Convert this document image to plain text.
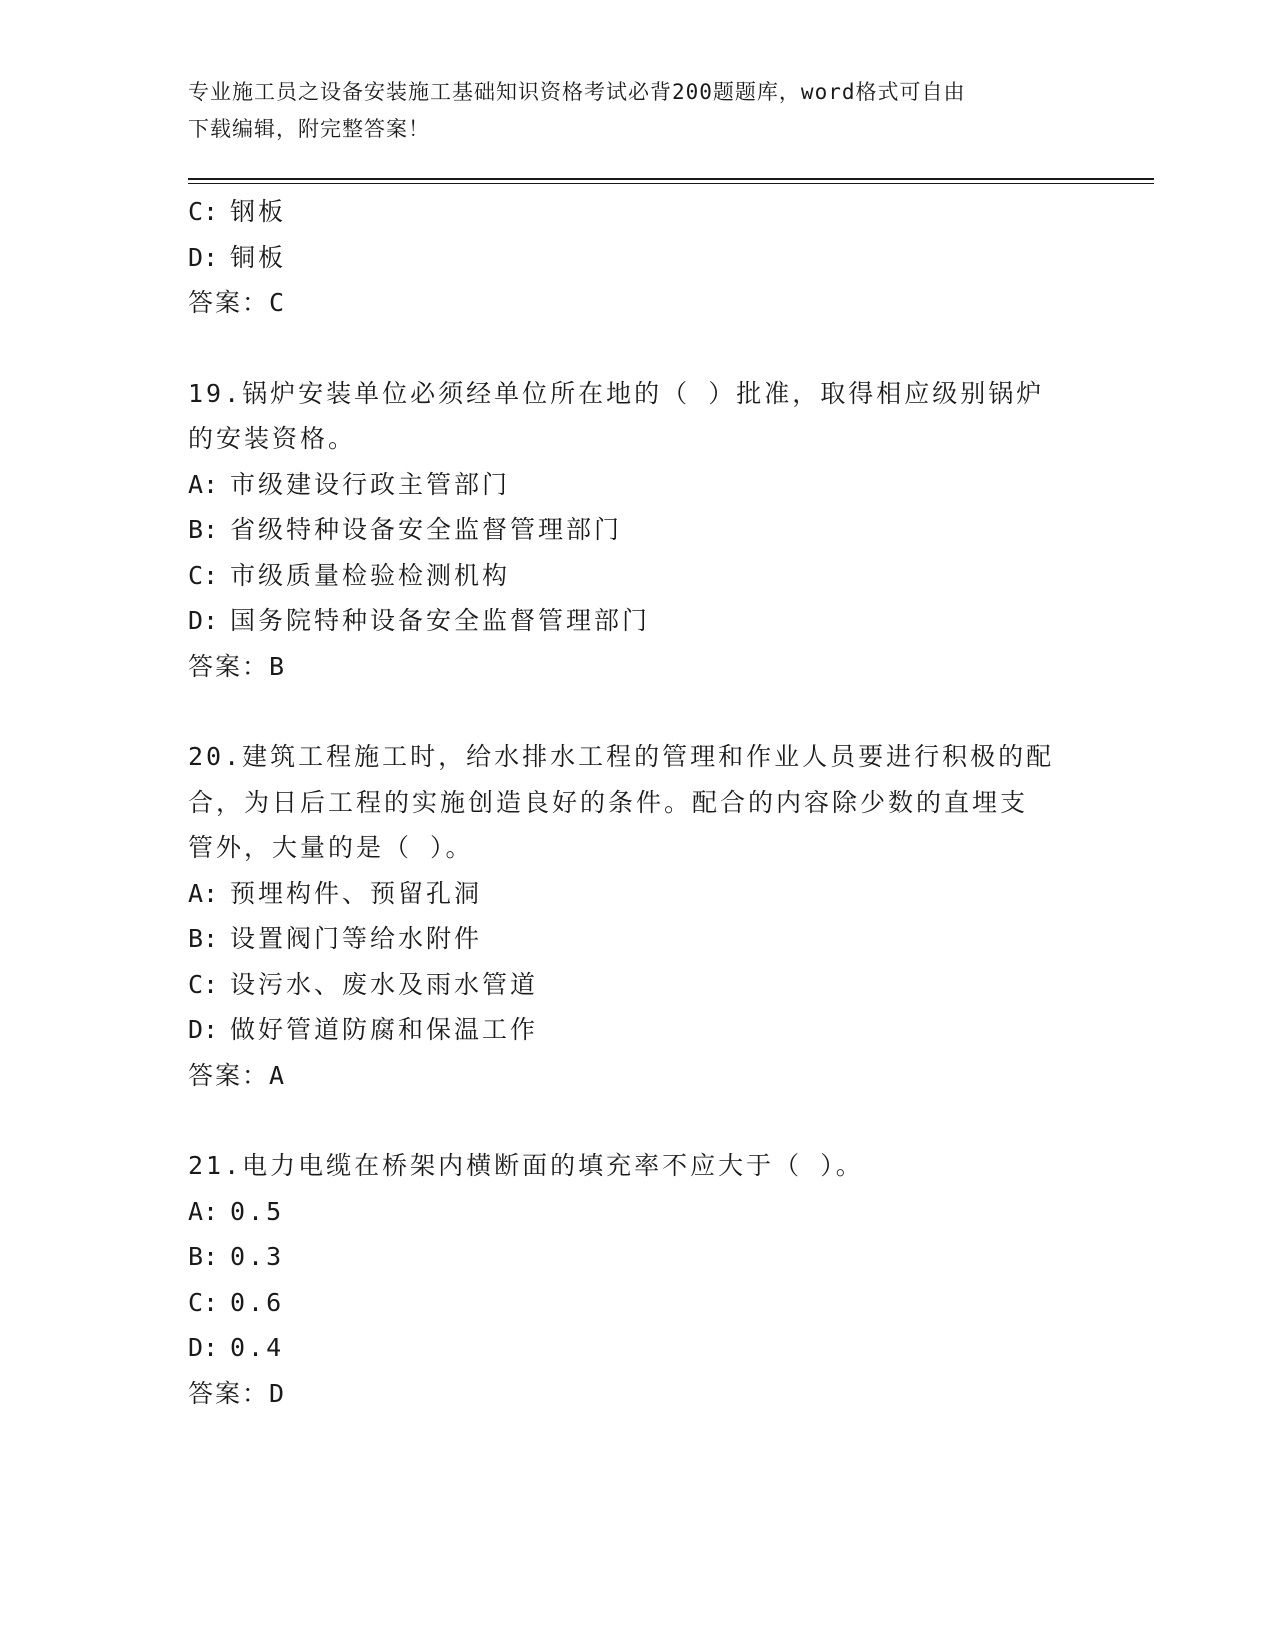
专业施工员之设备安装施工基础知识资格考试必背200题题库，word格式可自由
下载编辑，附完整答案！
C: 钢板
D: 铜板
答案：C
19.锅炉安装单位必须经单位所在地的（ ）批准，取得相应级别锅炉
的安装资格。
A: 市级建设行政主管部门
B: 省级特种设备安全监督管理部门
C: 市级质量检验检测机构
D: 国务院特种设备安全监督管理部门
答案：B
20.建筑工程施工时，给水排水工程的管理和作业人员要进行积极的配
合，为日后工程的实施创造良好的条件。配合的内容除少数的直埋支
管外，大量的是（ ）。
A: 预埋构件、预留孔洞
B: 设置阀门等给水附件
C: 设污水、废水及雨水管道
D: 做好管道防腐和保温工作
答案：A
21.电力电缆在桥架内横断面的填充率不应大于（ ）。
A: 0.5
B: 0.3
C: 0.6
D: 0.4
答案：D
